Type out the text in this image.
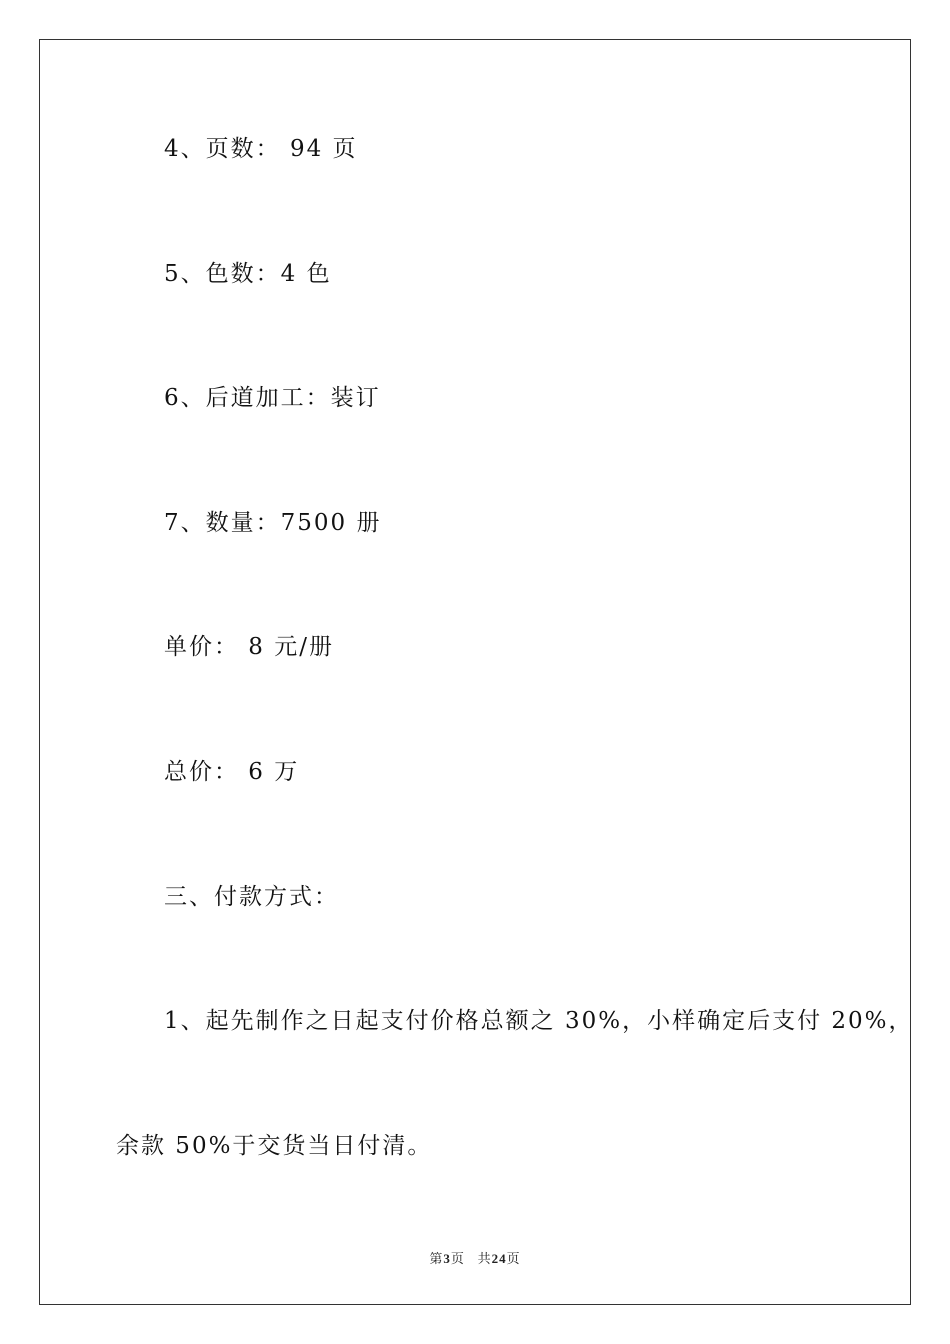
4、页数： 94 页
5、色数：4 色
6、后道加工：装订
7、数量：7500 册
单价： 8 元/册
总价： 6 万
三、付款方式：
1、起先制作之日起支付价格总额之 30%，小样确定后支付 20%，
余款 50%于交货当日付清。
第3页 共24页
